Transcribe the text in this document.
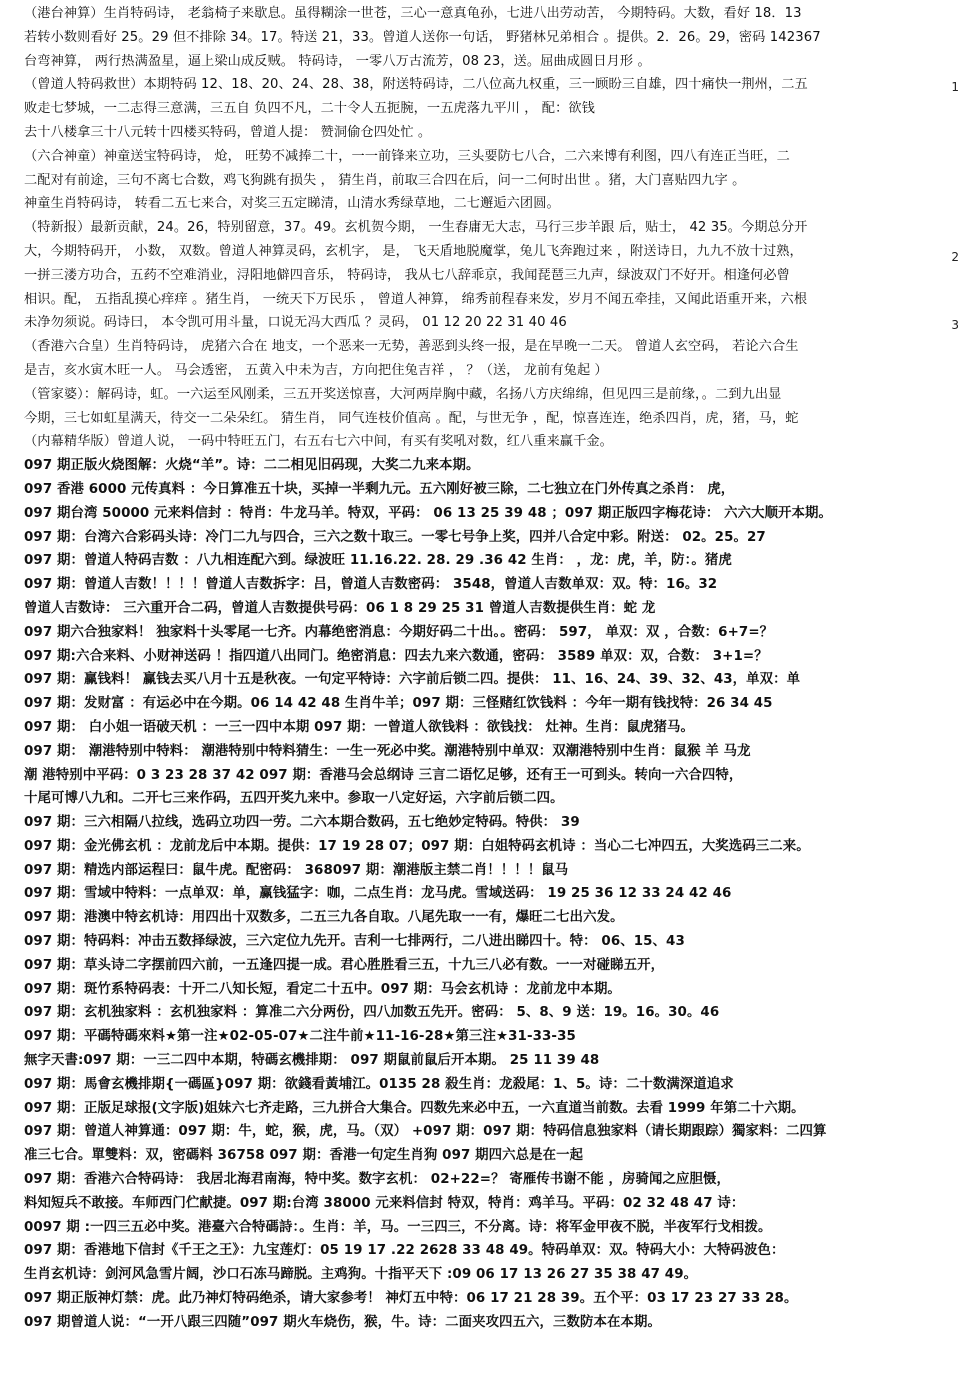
（港台神算）生肖特码诗， 老翁椅子来歇息。虽得糊涂一世苍，三心一意真龟孙，七进八出劳动苦， 今期特码。大数，看好 18．13
若转小数则看好 25。29 但不排除 34。17。特送 21，33。曾道人送你一句话， 野猪林兄弟相合 。提供。2．26。29，密码 142367
台弯神算， 两行热满盈星，逼上梁山成反贼。 特码诗， 一零八万古流芳，08 23，送。屈曲成圆日月形 。
（曾道人特码救世）本期特码 12、18、20、24、28、38，附送特码诗，二八位高九权重，三一顾盼三自雄，四十痛快一荆州，二五
败走七梦城，一二志得三意满，三五自 负四不凡，二十令人五扼腕，一五虎落九平川 ， 配：欲钱
去十八楼拿三十八元转十四楼买特码，曾道人提： 赞洞偷仓四处忙 。
（六合神童）神童送宝特码诗， 炝， 旺势不减捧二十，一一前锋来立功，三头要防七八合，二六来博有利图，四八有连正当旺，二
二配对有前途，三句不离七合数，鸡飞狗跳有损失 ， 猜生肖，前取三合四在后，问一二何时出世 。猪，大门喜贴四九字 。
神童生肖特码诗， 转看二五七来合，对奖三五定睇清，山清水秀绿草地，二七邂逅六团圆。
（特新报）最新贡献，24。26，特别留意，37。49。玄机贺今期， 一生舂庸无大志，马行三步羊跟 后，贴士， 42 35。今期总分开
大，今期特码开， 小数， 双数。曾道人神算灵码，玄机字， 是， 飞天盾地脱魔掌，兔儿飞奔跑过来 ，附送诗日，九九不放十过熟，
一拼三溇方功合，五药不空难消业，浔阳地僻四音乐， 特码诗， 我从七八辞乖京，我闻琵琶三九声，绿波双门不好开。相逢何必曾
相识。配， 五指乱摸心痒痒 。猪生肖， 一统天下万民乐 ， 曾道人神算， 绵秀前程春来发，岁月不闻五牵挂，又闻此语重开来，六根
未净勿须说。码诗曰， 本令凯可用斗量，口说无冯大西瓜 ？灵码， 01 12 20 22 31 40 46
（香港六合皇）生肖特码诗， 虎猪六合在 地支，一个恶来一无势，善恶到头终一报，是在早晚一二天。 曾道人玄空码， 若论六合生
是吉，亥水寅木旺一人。 马会透密， 五黄入中未为吉，方向把住兔吉祥 ， ？（送， 龙前有兔起 ）
（管家婆）：解码诗，虹。一六运至风刚柔，三五开奖送惊喜，大河两岸胸中藏，名扬八方庆绵绵，但见四三是前缘，。二到九出显
今期，三七如虹星满天，待交一二朵朵红。 猜生肖， 同气连枝价值高 。配，与世无争 ，配，惊喜连连，绝杀四肖，虎，猪，马，蛇
（内幕精华版）曾道人说， 一码中特旺五门，右五右七六中间，有买有奖吼对数，红八重来赢千金。
097 期正版火烧图解：火烧“羊”。诗：二二相见旧码现，大奖二九来本期。
097 香港 6000 元传真料 ：今日算准五十块，买掉一半剩九元。五六刚好被三除，二七独立在门外传真之杀肖： 虎，
097 期台湾 50000 元来料信封 ：特肖：牛龙马羊。特双，平码： 06 13 25 39 48 ；097 期正版四字梅花诗： 六六大顺开本期。
097 期：台湾六合彩码头诗：冷门二九与四合，三六之数十取三。一零七号争上奖，四并八合定中彩。附送： 02。25。27
097 期：曾道人特码吉数 ：八九相连配六到。绿波旺 11.16.22. 28. 29 .36 42 生肖： ，龙：虎，羊，防：。猪虎
097 期：曾道人吉数！！！！曾道人吉数拆字：吕，曾道人吉数密码： 3548，曾道人吉数单双：双。特：16。32
曾道人吉数诗： 三六重开合二码，曾道人吉数提供号码：06 1 8 29 25 31 曾道人吉数提供生肖：蛇 龙
097 期六合独家料！ 独家料十头零尾一七齐。内幕绝密消息：今期好码二十出。。密码： 597， 单双：双 ，合数：6+7=？
097 期:六合来料、小财神送码 ！指四道八出同门。绝密消息：四去九来六数通，密码： 3589 单双：双，合数： 3+1=？
097 期：赢钱料！ 赢钱去买八月十五是秋夜。一句定平特诗：六字前后锁二四。提供： 11、16、24、39、32、43，单双：单
097 期：发财富 ：有运必中在今期。06 14 42 48 生肖牛羊；097 期：三怪赌红饮钱料 ：今年一期有钱找特：26 34 45
097 期： 白小姐一语破天机 ：一三一四中本期 097 期：一曾道人欲钱料 ：欲钱找： 灶神。生肖：鼠虎猪马。
097 期： 潮港特别中特料： 潮港特别中特料猜生：一生一死必中奖。潮港特别中单双：双潮港特别中生肖：鼠猴 羊 马龙
潮 港特别中平码：0 3 23 28 37 42 097 期：香港马会总纲诗 三言二语忆足够，还有王一可到头。转向一六合四特，
十尾可博八九和。二开七三来作码，五四开奖九来中。参取一八定好运，六字前后锁二四。
097 期：三六相隔八拉线，选码立功四一劳。二六本期合数码，五七绝妙定特码。特供： 39
097 期：金光佛玄机 ：龙前龙后中本期。提供：17 19 28 07；097 期：白姐特码玄机诗 ：当心二七冲四五，大奖选码三二来。
097 期：精选内部运程曰：鼠牛虎。配密码： 368097 期：潮港版主禁二肖！！！！鼠马
097 期：雪域中特料：一点单双：单，赢钱猛字：咖，二点生肖：龙马虎。雪域送码： 19 25 36 12 33 24 42 46
097 期：港澳中特玄机诗：用四出十双数多，二五三九各自取。八尾先取一一有，爆旺二七出六发。
097 期：特码料：冲击五数择绿波，三六定位九先开。吉利一七排两行，二八进出睇四十。特： 06、15、43
097 期：草头诗二字摆前四六前，一五逢四提一成。君心胜胜看三五，十九三八必有数。一一对碰睇五开，
097 期：斑竹系特码表：十开二八知长短，看定二十五中。097 期：马会玄机诗 ：龙前龙中本期。
097 期：玄机独家料 ：玄机独家料 ：算准二六分两份，四八加数五先开。密码： 5、8、9 送：19。16。30。46
097 期：平碼特碼來料★第一注★02-05-07★二注牛前★11-16-28★第三注★31-33-35
無字天書:097 期：一三二四中本期，特碼玄機排期： 097 期鼠前鼠后开本期。 25 11 39 48
097 期：馬會玄機排期{一碼區}097 期：欲錢看黃埔江。0135 28 殺生肖：龙殺尾：1、5。诗：二十数满深道追求
097 期：正版足球报(文字版)姐妹六七齐走路，三九拼合大集合。四数先来必中五，一六直道当前数。去看 1999 年第二十六期。
097 期：曾道人神算通：097 期：牛，蛇，猴，虎，马。（双） +097 期：097 期：特码信息独家料（请长期跟踪）獨家料：二四算
准三七合。單雙料：双，密碼料 36758 097 期：香港一句定生肖狗 097 期四六总是在一起
097 期：香港六合特码诗： 我居北海君南海，特中奖。数字玄机： 02+22=？ 寄雁传书谢不能 ，房骑闻之应胆慑，
料知短兵不敢接。车师西门伫献捷。097 期:台湾 38000 元来料信封 特双，特肖：鸡羊马。平码：02 32 48 47 诗：
0097 期 :一四三五必中奖。港臺六合特碼詩：。生肖：羊，马。一三四三，不分离。诗：将军金甲夜不脱，半夜军行戈相拨。
097 期：香港地下信封《千王之王》：九宝莲灯：05 19 17 .22 2628 33 48 49。特码单双：双。特码大小：大特码波色：
生肖玄机诗：剑河风急雪片阔，沙口石冻马蹄脱。主鸡狗。十指平天下 :09 06 17 13 26 27 35 38 47 49。
097 期正版神灯禁：虎。此乃神灯特码绝杀，请大家参考！ 神灯五中特：06 17 21 28 39。五个平：03 17 23 27 33 28。
097 期曾道人说：“一开八跟三四随”097 期火车烧伤，猴，牛。诗：二面夹攻四五六，三数防本在本期。
1
2
3
